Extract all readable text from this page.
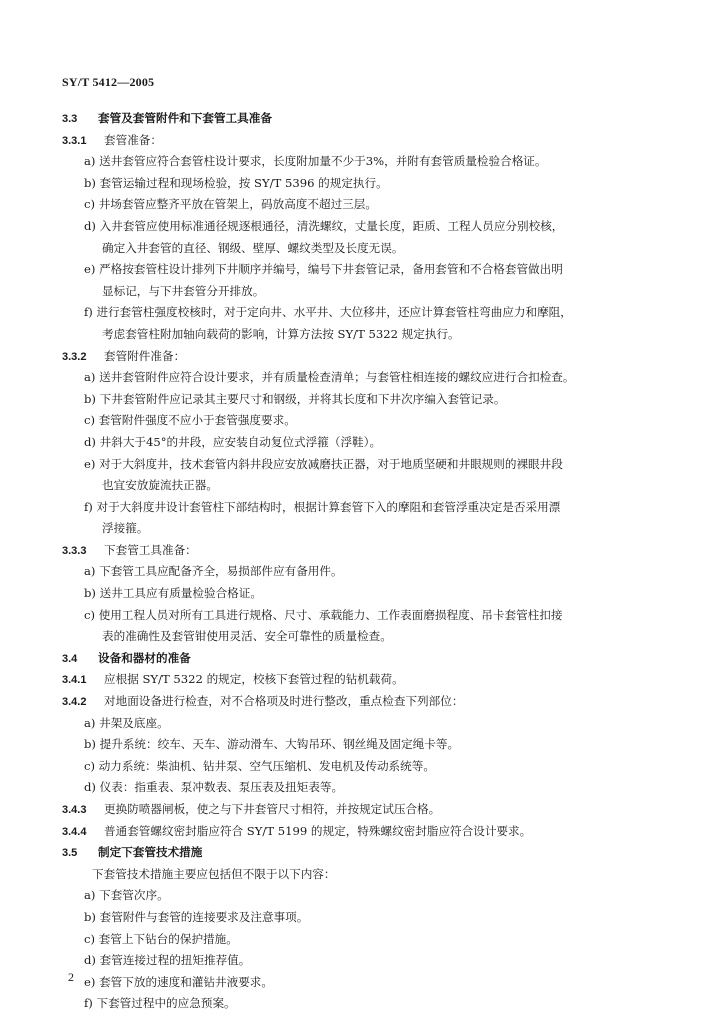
SY/T 5412—2005
3.3 套管及套管附件和下套管工具准备
3.3.1 套管准备：
a) 送井套管应符合套管柱设计要求，长度附加量不少于3%，并附有套管质量检验合格证。
b) 套管运输过程和现场检验，按 SY/T 5396 的规定执行。
c) 井场套管应整齐平放在管架上，码放高度不超过三层。
d) 入井套管应使用标准通径规逐根通径，清洗螺纹，丈量长度，距质、工程人员应分别校核，
确定入井套管的直径、钢级、壁厚、螺纹类型及长度无误。
e) 严格按套管柱设计排列下井顺序并编号，编号下井套管记录，备用套管和不合格套管做出明
显标记，与下井套管分开排放。
f) 进行套管柱强度校核时，对于定向井、水平井、大位移井，还应计算套管柱弯曲应力和摩阻，
考虑套管柱附加轴向载荷的影响，计算方法按 SY/T 5322 规定执行。
3.3.2 套管附件准备：
a) 送井套管附件应符合设计要求，并有质量检查清单；与套管柱相连接的螺纹应进行合扣检查。
b) 下井套管附件应记录其主要尺寸和钢级，并将其长度和下井次序编入套管记录。
c) 套管附件强度不应小于套管强度要求。
d) 井斜大于45°的井段，应安装自动复位式浮箍（浮鞋）。
e) 对于大斜度井，技术套管内斜井段应安放减磨扶正器，对于地质坚硬和井眼规则的裸眼井段
也宜安放旋流扶正器。
f) 对于大斜度井设计套管柱下部结构时，根据计算套管下入的摩阻和套管浮重决定是否采用漂
浮接箍。
3.3.3 下套管工具准备：
a) 下套管工具应配备齐全，易损部件应有备用件。
b) 送井工具应有质量检验合格证。
c) 使用工程人员对所有工具进行规格、尺寸、承载能力、工作表面磨损程度、吊卡套管柱扣接
表的准确性及套管钳使用灵活、安全可靠性的质量检查。
3.4 设备和器材的准备
3.4.1 应根据 SY/T 5322 的规定，校核下套管过程的钻机载荷。
3.4.2 对地面设备进行检查，对不合格项及时进行整改，重点检查下列部位：
a) 井架及底座。
b) 提升系统：绞车、天车、游动滑车、大钩吊环、钢丝绳及固定绳卡等。
c) 动力系统：柴油机、钻井泵、空气压缩机、发电机及传动系统等。
d) 仪表：指重表、泵冲数表、泵压表及扭矩表等。
3.4.3 更换防喷器闸板，使之与下井套管尺寸相符，并按规定试压合格。
3.4.4 普通套管螺纹密封脂应符合 SY/T 5199 的规定，特殊螺纹密封脂应符合设计要求。
3.5 制定下套管技术措施
下套管技术措施主要应包括但不限于以下内容：
a) 下套管次序。
b) 套管附件与套管的连接要求及注意事项。
c) 套管上下钻台的保护措施。
d) 套管连接过程的扭矩推荐值。
e) 套管下放的速度和灌钻井液要求。
f) 下套管过程中的应急预案。
2
